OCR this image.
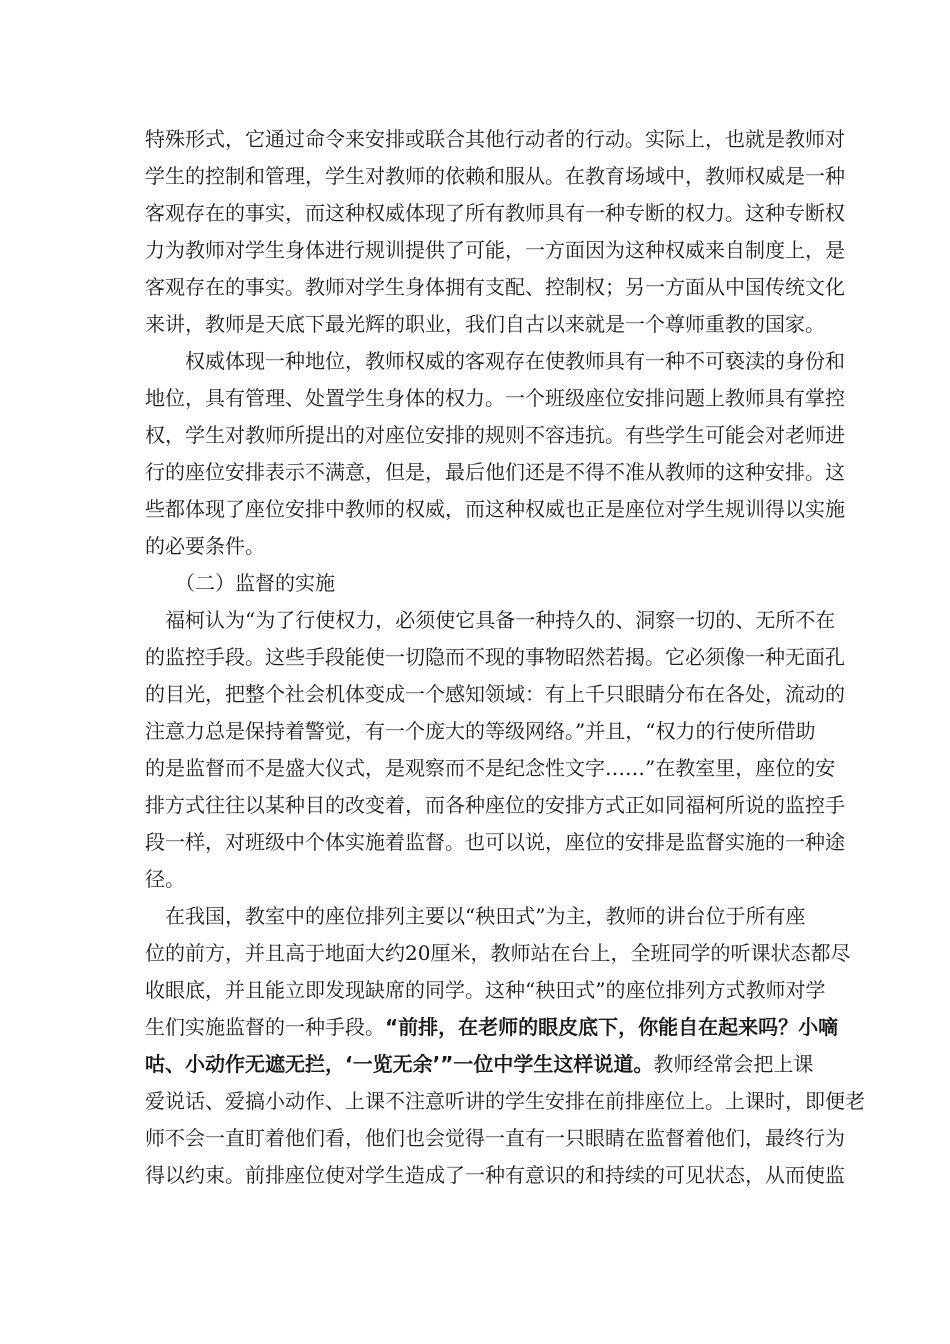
特殊形式，它通过命令来安排或联合其他行动者的行动。实际上，也就是教师对
学生的控制和管理，学生对教师的依赖和服从。在教育场域中，教师权威是一种
客观存在的事实，而这种权威体现了所有教师具有一种专断的权力。这种专断权
力为教师对学生身体进行规训提供了可能，一方面因为这种权威来自制度上，是
客观存在的事实。教师对学生身体拥有支配、控制权；另一方面从中国传统文化
来讲，教师是天底下最光辉的职业，我们自古以来就是一个尊师重教的国家。
　　权威体现一种地位，教师权威的客观存在使教师具有一种不可亵渎的身份和
地位，具有管理、处置学生身体的权力。一个班级座位安排问题上教师具有掌控
权，学生对教师所提出的对座位安排的规则不容违抗。有些学生可能会对老师进
行的座位安排表示不满意，但是，最后他们还是不得不准从教师的这种安排。这
些都体现了座位安排中教师的权威，而这种权威也正是座位对学生规训得以实施
的必要条件。
　　（二）监督的实施
　福柯认为“为了行使权力，必须使它具备一种持久的、洞察一切的、无所不在
的监控手段。这些手段能使一切隐而不现的事物昭然若揭。它必须像一种无面孔
的目光，把整个社会机体变成一个感知领域：有上千只眼睛分布在各处，流动的
注意力总是保持着警觉，有一个庞大的等级网络。”并且，“权力的行使所借助
的是监督而不是盛大仪式，是观察而不是纪念性文字……”在教室里，座位的安
排方式往往以某种目的改变着，而各种座位的安排方式正如同福柯所说的监控手
段一样，对班级中个体实施着监督。也可以说，座位的安排是监督实施的一种途
径。
　在我国，教室中的座位排列主要以“秧田式”为主，教师的讲台位于所有座
位的前方，并且高于地面大约20厘米，教师站在台上，全班同学的听课状态都尽
收眼底，并且能立即发现缺席的同学。这种“秧田式”的座位排列方式教师对学
生们实施监督的一种手段。“前排，在老师的眼皮底下，你能自在起来吗？小嘀
咕、小动作无遮无拦，‘一览无余’”一位中学生这样说道。教师经常会把上课
爱说话、爱搞小动作、上课不注意听讲的学生安排在前排座位上。上课时，即便老
师不会一直盯着他们看，他们也会觉得一直有一只眼睛在监督着他们，最终行为
得以约束。前排座位使对学生造成了一种有意识的和持续的可见状态，从而使监
